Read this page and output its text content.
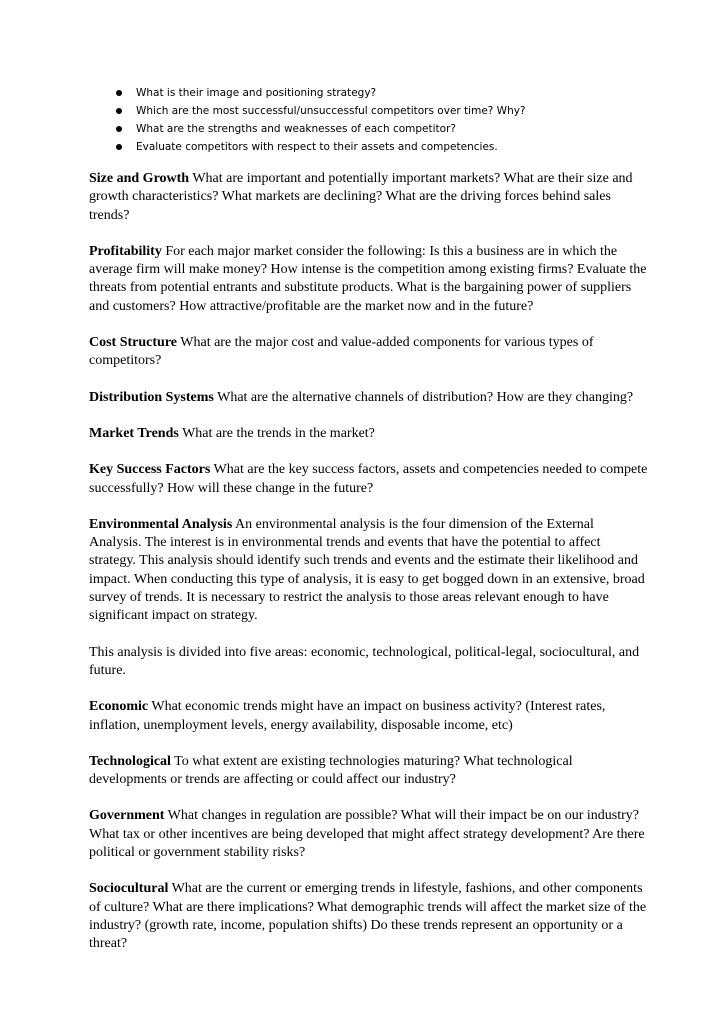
What is their image and positioning strategy?
Which are the most successful/unsuccessful competitors over time? Why?
What are the strengths and weaknesses of each competitor?
Evaluate competitors with respect to their assets and competencies.

Size and Growth What are important and potentially important markets? What are their size and growth characteristics? What markets are declining? What are the driving forces behind sales trends?

Profitability For each major market consider the following: Is this a business are in which the average firm will make money? How intense is the competition among existing firms? Evaluate the threats from potential entrants and substitute products. What is the bargaining power of suppliers and customers? How attractive/profitable are the market now and in the future?

Cost Structure What are the major cost and value-added components for various types of competitors?

Distribution Systems What are the alternative channels of distribution? How are they changing?

Market Trends What are the trends in the market?

Key Success Factors What are the key success factors, assets and competencies needed to compete successfully? How will these change in the future?

Environmental Analysis An environmental analysis is the four dimension of the External Analysis. The interest is in environmental trends and events that have the potential to affect strategy. This analysis should identify such trends and events and the estimate their likelihood and impact. When conducting this type of analysis, it is easy to get bogged down in an extensive, broad survey of trends. It is necessary to restrict the analysis to those areas relevant enough to have significant impact on strategy.

This analysis is divided into five areas: economic, technological, political-legal, sociocultural, and future.

Economic What economic trends might have an impact on business activity? (Interest rates, inflation, unemployment levels, energy availability, disposable income, etc)

Technological To what extent are existing technologies maturing? What technological developments or trends are affecting or could affect our industry?

Government What changes in regulation are possible? What will their impact be on our industry? What tax or other incentives are being developed that might affect strategy development? Are there political or government stability risks?

Sociocultural What are the current or emerging trends in lifestyle, fashions, and other components of culture? What are there implications? What demographic trends will affect the market size of the industry? (growth rate, income, population shifts) Do these trends represent an opportunity or a threat?
